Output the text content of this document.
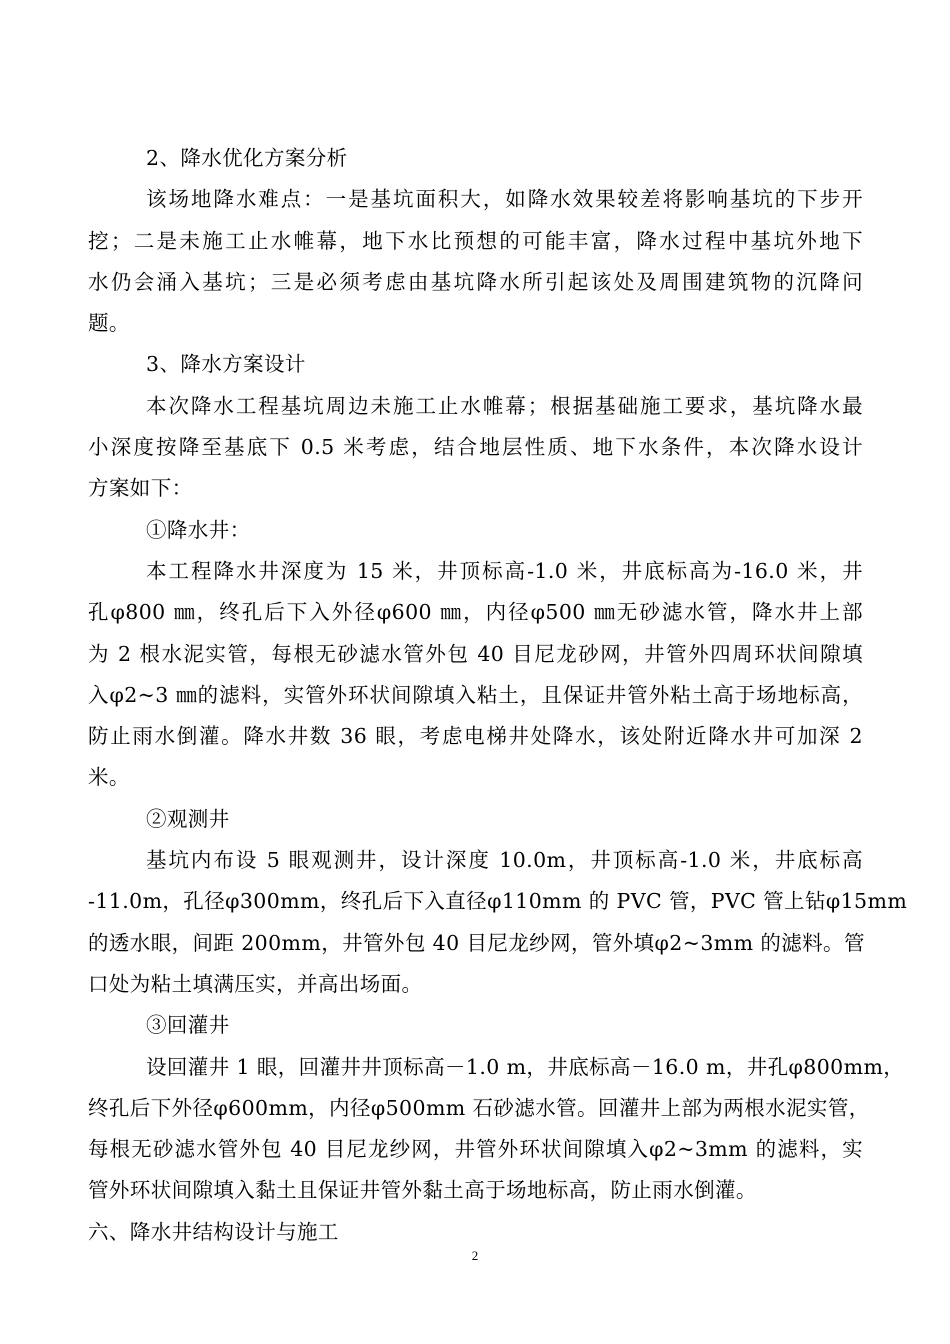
2、降水优化方案分析
该场地降水难点：一是基坑面积大，如降水效果较差将影响基坑的下步开
挖；二是未施工止水帷幕，地下水比预想的可能丰富，降水过程中基坑外地下
水仍会涌入基坑；三是必须考虑由基坑降水所引起该处及周围建筑物的沉降问
题。
3、降水方案设计
本次降水工程基坑周边未施工止水帷幕；根据基础施工要求，基坑降水最
小深度按降至基底下 0.5 米考虑，结合地层性质、地下水条件，本次降水设计
方案如下：
①降水井：
本工程降水井深度为 15 米，井顶标高-1.0 米，井底标高为-16.0 米，井
孔φ800 ㎜，终孔后下入外径φ600 ㎜，内径φ500 ㎜无砂滤水管，降水井上部
为 2 根水泥实管，每根无砂滤水管外包 40 目尼龙砂网，井管外四周环状间隙填
入φ2~3 ㎜的滤料，实管外环状间隙填入粘土，且保证井管外粘土高于场地标高，
防止雨水倒灌。降水井数 36 眼，考虑电梯井处降水，该处附近降水井可加深 2
米。
②观测井
基坑内布设 5 眼观测井，设计深度 10.0m，井顶标高-1.0 米，井底标高
-11.0m，孔径φ300mm，终孔后下入直径φ110mm 的 PVC 管，PVC 管上钻φ15mm
的透水眼，间距 200mm，井管外包 40 目尼龙纱网，管外填φ2~3mm 的滤料。管
口处为粘土填满压实，并高出场面。
③回灌井
设回灌井 1 眼，回灌井井顶标高－1.0 m，井底标高－16.0 m，井孔φ800mm，
终孔后下外径φ600mm，内径φ500mm 石砂滤水管。回灌井上部为两根水泥实管，
每根无砂滤水管外包 40 目尼龙纱网，井管外环状间隙填入φ2~3mm 的滤料，实
管外环状间隙填入黏土且保证井管外黏土高于场地标高，防止雨水倒灌。
六、降水井结构设计与施工
2
